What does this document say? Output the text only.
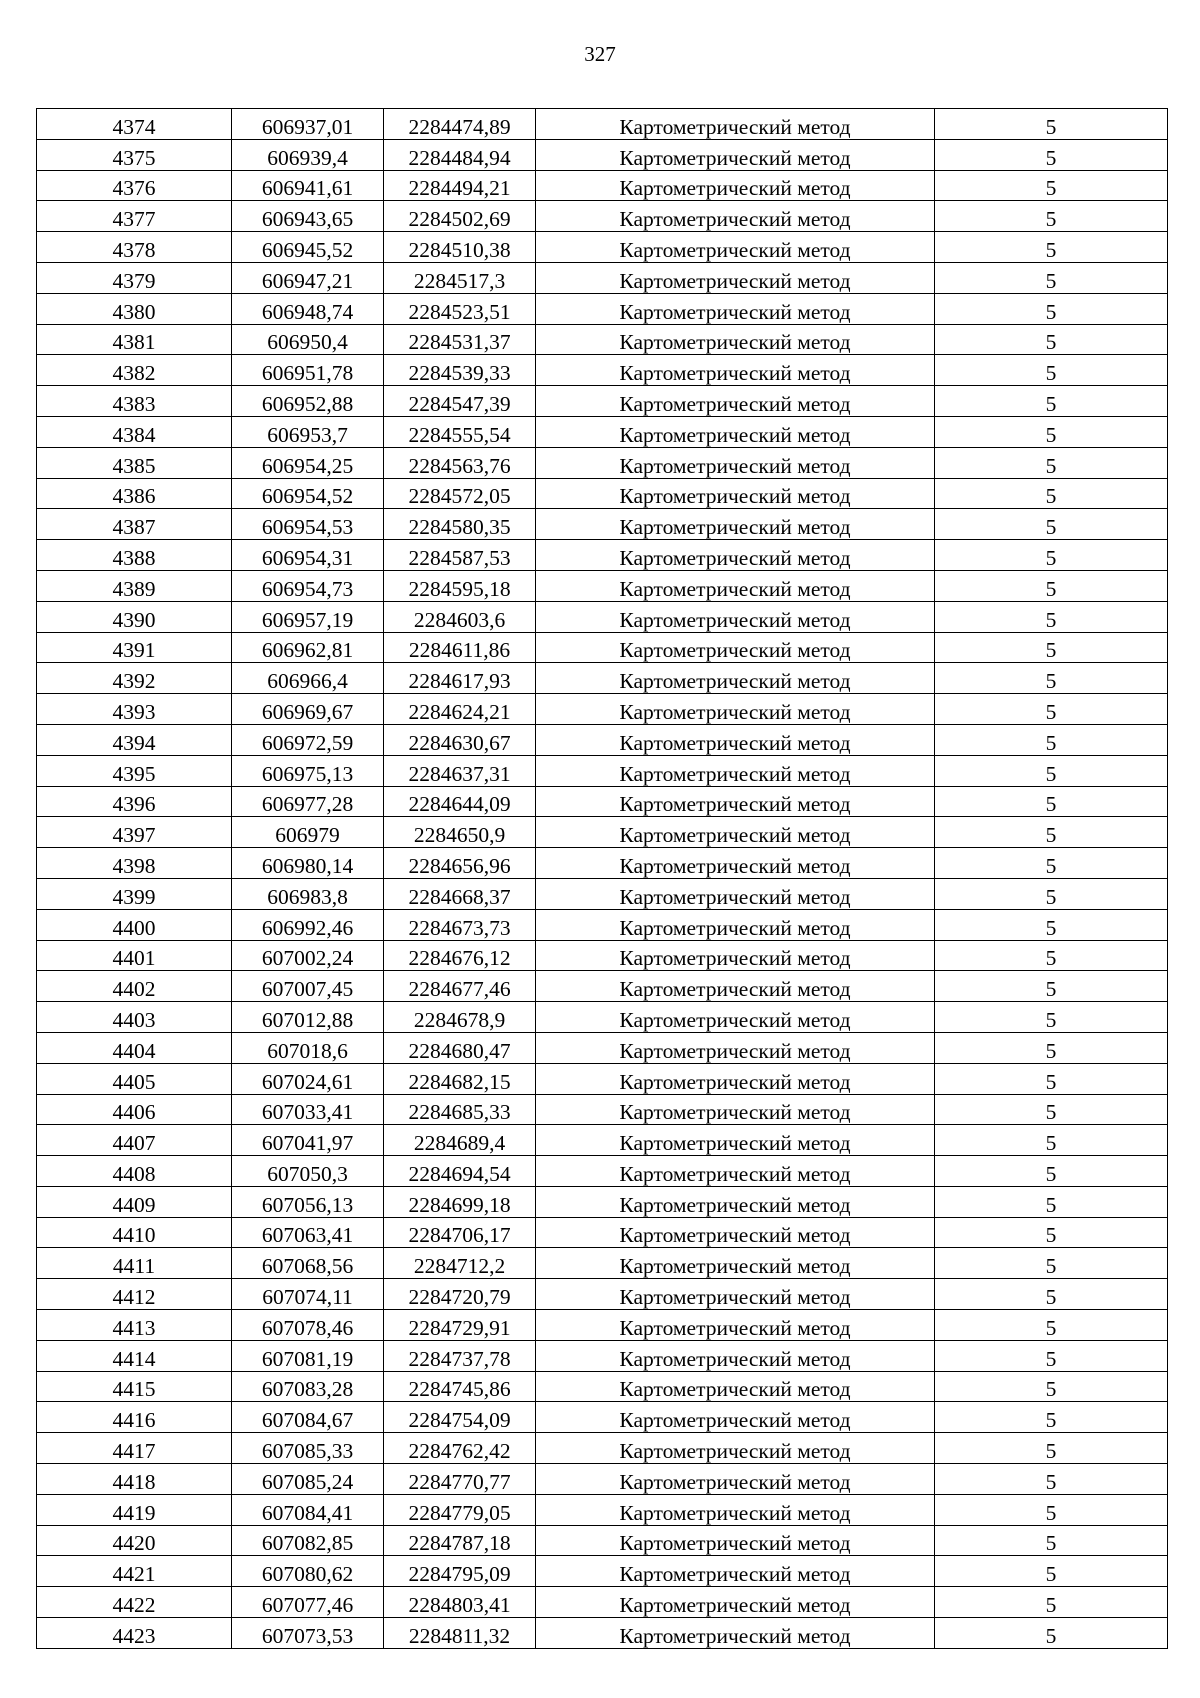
327
4374	606937,01	2284474,89	Картометрический метод	5
4375	606939,4	2284484,94	Картометрический метод	5
4376	606941,61	2284494,21	Картометрический метод	5
4377	606943,65	2284502,69	Картометрический метод	5
4378	606945,52	2284510,38	Картометрический метод	5
4379	606947,21	2284517,3	Картометрический метод	5
4380	606948,74	2284523,51	Картометрический метод	5
4381	606950,4	2284531,37	Картометрический метод	5
4382	606951,78	2284539,33	Картометрический метод	5
4383	606952,88	2284547,39	Картометрический метод	5
4384	606953,7	2284555,54	Картометрический метод	5
4385	606954,25	2284563,76	Картометрический метод	5
4386	606954,52	2284572,05	Картометрический метод	5
4387	606954,53	2284580,35	Картометрический метод	5
4388	606954,31	2284587,53	Картометрический метод	5
4389	606954,73	2284595,18	Картометрический метод	5
4390	606957,19	2284603,6	Картометрический метод	5
4391	606962,81	2284611,86	Картометрический метод	5
4392	606966,4	2284617,93	Картометрический метод	5
4393	606969,67	2284624,21	Картометрический метод	5
4394	606972,59	2284630,67	Картометрический метод	5
4395	606975,13	2284637,31	Картометрический метод	5
4396	606977,28	2284644,09	Картометрический метод	5
4397	606979	2284650,9	Картометрический метод	5
4398	606980,14	2284656,96	Картометрический метод	5
4399	606983,8	2284668,37	Картометрический метод	5
4400	606992,46	2284673,73	Картометрический метод	5
4401	607002,24	2284676,12	Картометрический метод	5
4402	607007,45	2284677,46	Картометрический метод	5
4403	607012,88	2284678,9	Картометрический метод	5
4404	607018,6	2284680,47	Картометрический метод	5
4405	607024,61	2284682,15	Картометрический метод	5
4406	607033,41	2284685,33	Картометрический метод	5
4407	607041,97	2284689,4	Картометрический метод	5
4408	607050,3	2284694,54	Картометрический метод	5
4409	607056,13	2284699,18	Картометрический метод	5
4410	607063,41	2284706,17	Картометрический метод	5
4411	607068,56	2284712,2	Картометрический метод	5
4412	607074,11	2284720,79	Картометрический метод	5
4413	607078,46	2284729,91	Картометрический метод	5
4414	607081,19	2284737,78	Картометрический метод	5
4415	607083,28	2284745,86	Картометрический метод	5
4416	607084,67	2284754,09	Картометрический метод	5
4417	607085,33	2284762,42	Картометрический метод	5
4418	607085,24	2284770,77	Картометрический метод	5
4419	607084,41	2284779,05	Картометрический метод	5
4420	607082,85	2284787,18	Картометрический метод	5
4421	607080,62	2284795,09	Картометрический метод	5
4422	607077,46	2284803,41	Картометрический метод	5
4423	607073,53	2284811,32	Картометрический метод	5
